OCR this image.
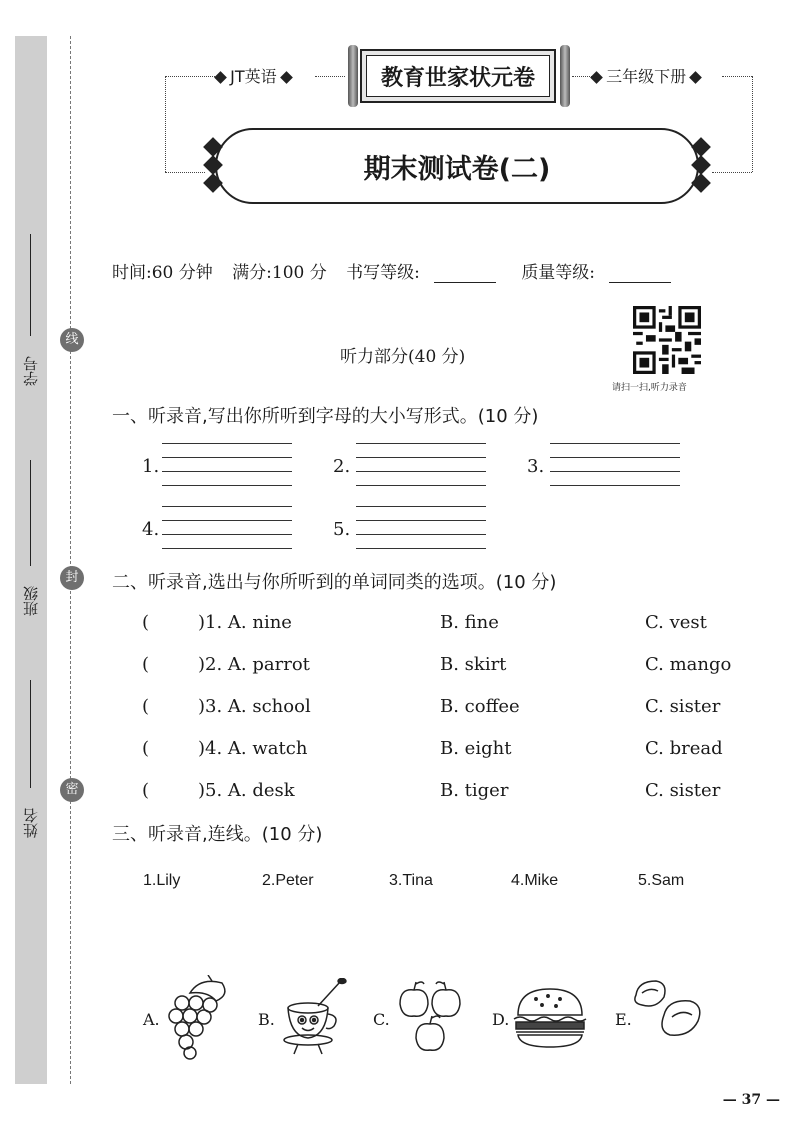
学号
班级
姓名
线
封
密
JT英语	教育世家状元卷	三年级下册
期末测试卷(二)
时间:60 分钟 满分:100 分 书写等级:	质量等级:
请扫一扫,听力录音
听力部分(40 分)
一、听录音,写出你所听到字母的大小写形式。(10 分)
1.	2.	3.
4.	5.
二、听录音,选出与你所听到的单词同类的选项。(10 分)
(	)1. A. nine	B. fine	C. vest
(	)2. A. parrot	B. skirt	C. mango
(	)3. A. school	B. coffee	C. sister
(	)4. A. watch	B. eight	C. bread
(	)5. A. desk	B. tiger	C. sister
三、听录音,连线。(10 分)
1.Lily	2.Peter	3.Tina	4.Mike	5.Sam
A.	B.	C.	D.	E.
— 37 —
